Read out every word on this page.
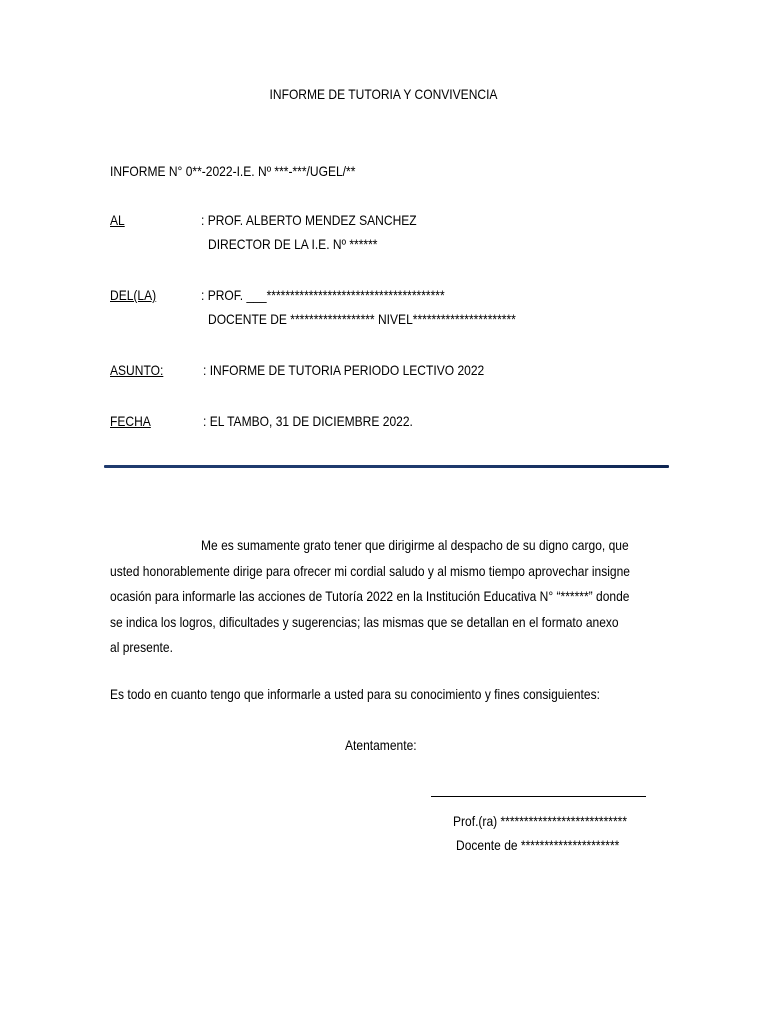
INFORME DE TUTORIA Y CONVIVENCIA
INFORME N° 0**-2022-I.E. Nº ***-***/UGEL/**
AL	: PROF. ALBERTO MENDEZ SANCHEZ
DIRECTOR DE LA I.E. Nº ******
DEL(LA)	: PROF. ___**************************************
DOCENTE DE ****************** NIVEL**********************
ASUNTO:	: INFORME DE TUTORIA PERIODO LECTIVO 2022
FECHA	: EL TAMBO, 31 DE DICIEMBRE 2022.
Me es sumamente grato tener que dirigirme al despacho de su digno cargo, que
usted honorablemente dirige para ofrecer mi cordial saludo y al mismo tiempo aprovechar insigne
ocasión para informarle las acciones de Tutoría 2022 en la Institución Educativa N° “******” donde
se indica los logros, dificultades y sugerencias; las mismas que se detallan en el formato anexo
al presente.
Es todo en cuanto tengo que informarle a usted para su conocimiento y fines consiguientes:
Atentamente:
Prof.(ra) ***************************
Docente de *********************
